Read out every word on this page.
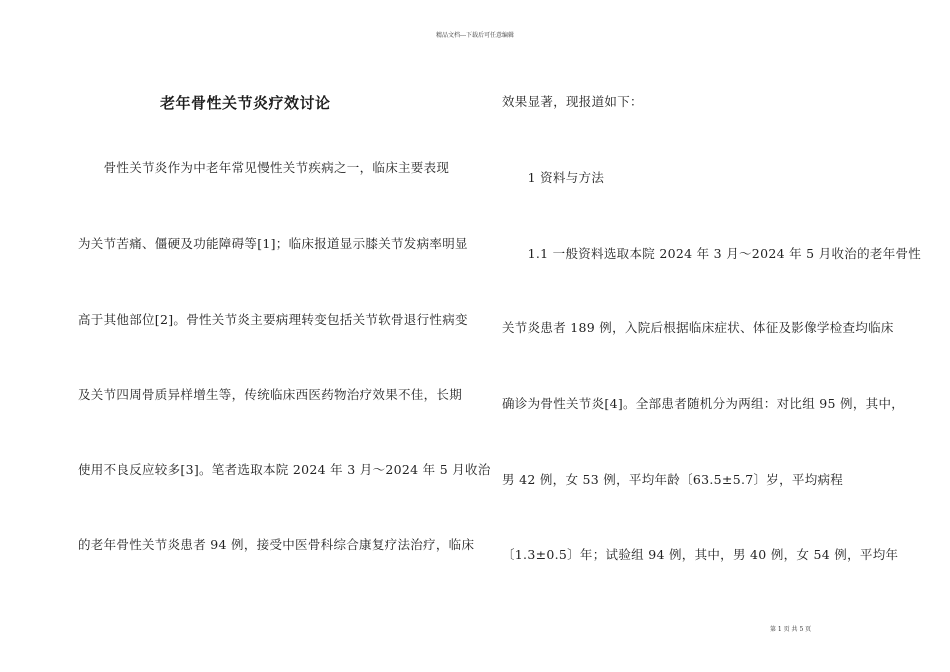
精品文档---下载后可任意编辑
老年骨性关节炎疗效讨论
　　骨性关节炎作为中老年常见慢性关节疾病之一，临床主要表现
为关节苦痛、僵硬及功能障碍等[1]；临床报道显示膝关节发病率明显
高于其他部位[2]。骨性关节炎主要病理转变包括关节软骨退行性病变
及关节四周骨质异样增生等，传统临床西医药物治疗效果不佳，长期
使用不良反应较多[3]。笔者选取本院 2024 年 3 月～2024 年 5 月收治
的老年骨性关节炎患者 94 例，接受中医骨科综合康复疗法治疗，临床
效果显著，现报道如下：
　　1 资料与方法
　　1.1 一般资料选取本院 2024 年 3 月～2024 年 5 月收治的老年骨性
关节炎患者 189 例，入院后根据临床症状、体征及影像学检查均临床
确诊为骨性关节炎[4]。全部患者随机分为两组：对比组 95 例，其中，
男 42 例，女 53 例，平均年龄〔63.5±5.7〕岁，平均病程
〔1.3±0.5〕年；试验组 94 例，其中，男 40 例，女 54 例，平均年
第 1 页 共 5 页
